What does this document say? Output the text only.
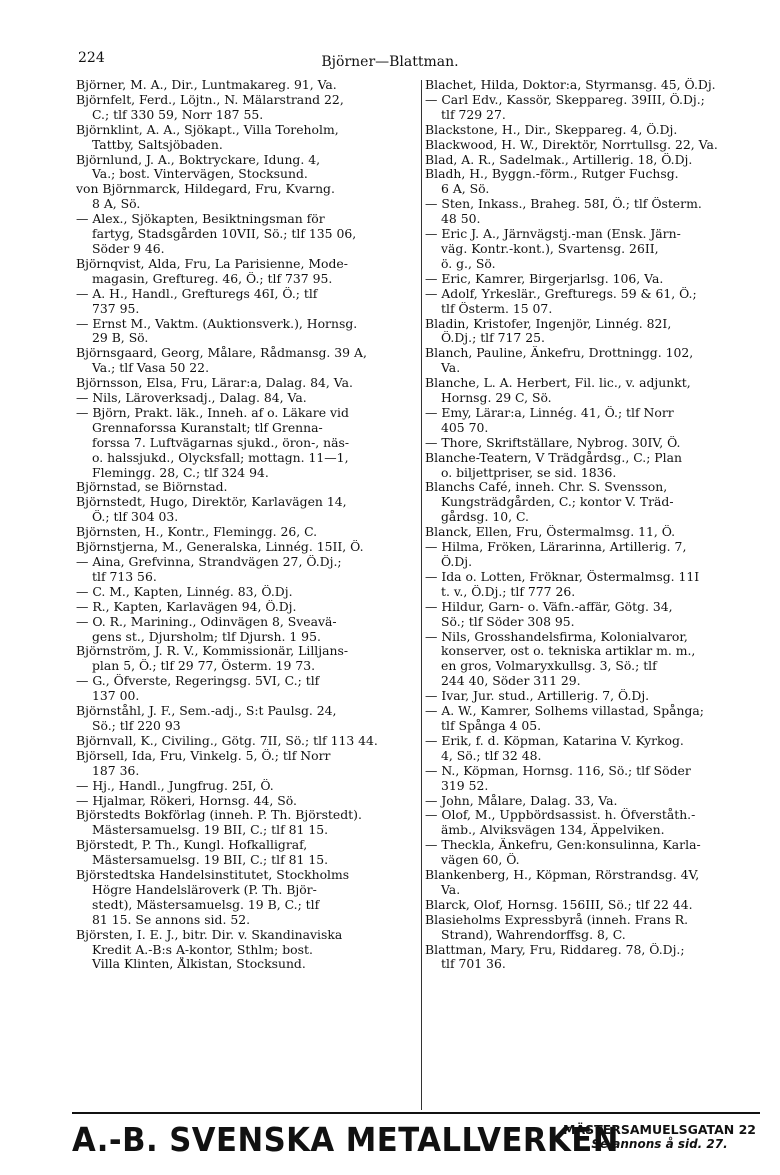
224	Björner—Blattman.
Björner, M. A., Dir., Luntmakareg. 91, Va.
Björnfelt, Ferd., Löjtn., N. Mälarstrand 22,
C.; tlf 330 59, Norr 187 55.
Björnklint, A. A., Sjökapt., Villa Toreholm,
Tattby, Saltsjöbaden.
Björnlund, J. A., Boktryckare, Idung. 4,
Va.; bost. Vintervägen, Stocksund.
von Björnmarck, Hildegard, Fru, Kvarng.
8 A, Sö.
— Alex., Sjökapten, Besiktningsman för
fartyg, Stadsgården 10VII, Sö.; tlf 135 06,
Söder 9 46.
Björnqvist, Alda, Fru, La Parisienne, Mode-
magasin, Greftureg. 46, Ö.; tlf 737 95.
— A. H., Handl., Grefturegs 46I, Ö.; tlf
737 95.
— Ernst M., Vaktm. (Auktionsverk.), Hornsg.
29 B, Sö.
Björnsgaard, Georg, Målare, Rådmansg. 39 A,
Va.; tlf Vasa 50 22.
Björnsson, Elsa, Fru, Lärar:a, Dalag. 84, Va.
— Nils, Läroverksadj., Dalag. 84, Va.
— Björn, Prakt. läk., Inneh. af o. Läkare vid
Grennaforssa Kuranstalt; tlf Grenna-
forssa 7. Luftvägarnas sjukd., öron-, näs-
o. halssjukd., Olycksfall; mottagn. 11—1,
Flemingg. 28, C.; tlf 324 94.
Björnstad, se Biörnstad.
Björnstedt, Hugo, Direktör, Karlavägen 14,
Ö.; tlf 304 03.
Björnsten, H., Kontr., Flemingg. 26, C.
Björnstjerna, M., Generalska, Linnég. 15II, Ö.
— Aina, Grefvinna, Strandvägen 27, Ö.Dj.;
tlf 713 56.
— C. M., Kapten, Linnég. 83, Ö.Dj.
— R., Kapten, Karlavägen 94, Ö.Dj.
— O. R., Marining., Odinvägen 8, Sveavä-
gens st., Djursholm; tlf Djursh. 1 95.
Björnström, J. R. V., Kommissionär, Lilljans-
plan 5, Ö.; tlf 29 77, Österm. 19 73.
— G., Öfverste, Regeringsg. 5VI, C.; tlf
137 00.
Björnståhl, J. F., Sem.-adj., S:t Paulsg. 24,
Sö.; tlf 220 93
Björnvall, K., Civiling., Götg. 7II, Sö.; tlf 113 44.
Björsell, Ida, Fru, Vinkelg. 5, Ö.; tlf Norr
187 36.
— Hj., Handl., Jungfrug. 25I, Ö.
— Hjalmar, Rökeri, Hornsg. 44, Sö.
Björstedts Bokförlag (inneh. P. Th. Björstedt).
Mästersamuelsg. 19 BII, C.; tlf 81 15.
Björstedt, P. Th., Kungl. Hofkalligraf,
Mästersamuelsg. 19 BII, C.; tlf 81 15.
Björstedtska Handelsinstitutet, Stockholms
Högre Handelsläroverk (P. Th. Björ-
stedt), Mästersamuelsg. 19 B, C.; tlf
81 15. Se annons sid. 52.
Björsten, I. E. J., bitr. Dir. v. Skandinaviska
Kredit A.-B:s A-kontor, Sthlm; bost.
Villa Klinten, Ålkistan, Stocksund.
Blachet, Hilda, Doktor:a, Styrmansg. 45, Ö.Dj.
— Carl Edv., Kassör, Skeppareg. 39III, Ö.Dj.;
tlf 729 27.
Blackstone, H., Dir., Skeppareg. 4, Ö.Dj.
Blackwood, H. W., Direktör, Norrtullsg. 22, Va.
Blad, A. R., Sadelmak., Artillerig. 18, Ö.Dj.
Bladh, H., Byggn.-förm., Rutger Fuchsg.
6 A, Sö.
— Sten, Inkass., Braheg. 58I, Ö.; tlf Österm.
48 50.
— Eric J. A., Järnvägstj.-man (Ensk. Järn-
väg. Kontr.-kont.), Svartensg. 26II,
ö. g., Sö.
— Eric, Kamrer, Birgerjarlsg. 106, Va.
— Adolf, Yrkeslär., Grefturegs. 59 & 61, Ö.;
tlf Österm. 15 07.
Bladin, Kristofer, Ingenjör, Linnég. 82I,
Ö.Dj.; tlf 717 25.
Blanch, Pauline, Änkefru, Drottningg. 102,
Va.
Blanche, L. A. Herbert, Fil. lic., v. adjunkt,
Hornsg. 29 C, Sö.
— Emy, Lärar:a, Linnég. 41, Ö.; tlf Norr
405 70.
— Thore, Skriftställare, Nybrog. 30IV, Ö.
Blanche-Teatern, V Trädgårdsg., C.; Plan
o. biljettpriser, se sid. 1836.
Blanchs Café, inneh. Chr. S. Svensson,
Kungsträdgården, C.; kontor V. Träd-
gårdsg. 10, C.
Blanck, Ellen, Fru, Östermalmsg. 11, Ö.
— Hilma, Fröken, Lärarinna, Artillerig. 7,
Ö.Dj.
— Ida o. Lotten, Fröknar, Östermalmsg. 11I
t. v., Ö.Dj.; tlf 777 26.
— Hildur, Garn- o. Väfn.-affär, Götg. 34,
Sö.; tlf Söder 308 95.
— Nils, Grosshandelsfirma, Kolonialvaror,
konserver, ost o. tekniska artiklar m. m.,
en gros, Volmaryxkullsg. 3, Sö.; tlf
244 40, Söder 311 29.
— Ivar, Jur. stud., Artillerig. 7, Ö.Dj.
— A. W., Kamrer, Solhems villastad, Spånga;
tlf Spånga 4 05.
— Erik, f. d. Köpman, Katarina V. Kyrkog.
4, Sö.; tlf 32 48.
— N., Köpman, Hornsg. 116, Sö.; tlf Söder
319 52.
— John, Målare, Dalag. 33, Va.
— Olof, M., Uppbördsassist. h. Öfverståth.-
ämb., Alviksvägen 134, Äppelviken.
— Theckla, Änkefru, Gen:konsulinna, Karla-
vägen 60, Ö.
Blankenberg, H., Köpman, Rörstrandsg. 4V,
Va.
Blarck, Olof, Hornsg. 156III, Sö.; tlf 22 44.
Blasieholms Expressbyrå (inneh. Frans R.
Strand), Wahrendorffsg. 8, C.
Blattman, Mary, Fru, Riddareg. 78, Ö.Dj.;
tlf 701 36.
A.-B. SVENSKA METALLVERKEN
MÄSTERSAMUELSGATAN 22
Se annons å sid. 27.
